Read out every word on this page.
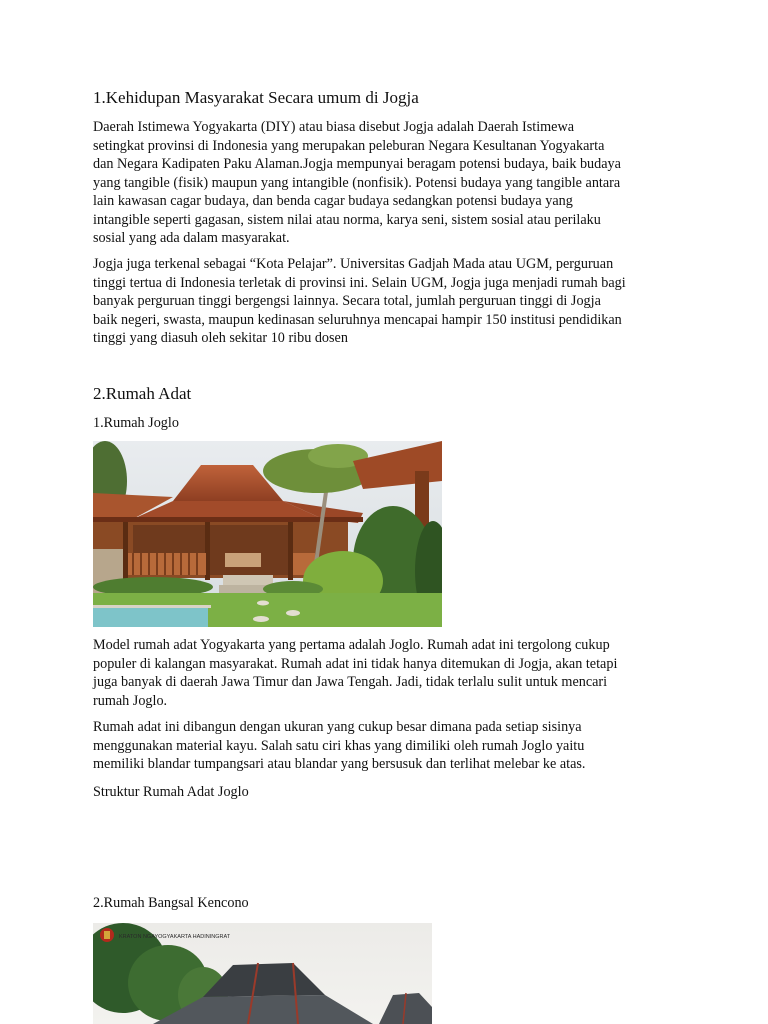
1.Kehidupan Masyarakat Secara umum di Jogja

Daerah Istimewa Yogyakarta (DIY) atau biasa disebut Jogja adalah Daerah Istimewa
setingkat provinsi di Indonesia yang merupakan peleburan Negara Kesultanan Yogyakarta
dan Negara Kadipaten Paku Alaman.Jogja mempunyai beragam potensi budaya, baik budaya
yang tangible (fisik) maupun yang intangible (nonfisik). Potensi budaya yang tangible antara
lain kawasan cagar budaya, dan benda cagar budaya sedangkan potensi budaya yang
intangible seperti gagasan, sistem nilai atau norma, karya seni, sistem sosial atau perilaku
sosial yang ada dalam masyarakat.

Jogja juga terkenal sebagai “Kota Pelajar”. Universitas Gadjah Mada atau UGM, perguruan
tinggi tertua di Indonesia terletak di provinsi ini. Selain UGM, Jogja juga menjadi rumah bagi
banyak perguruan tinggi bergengsi lainnya. Secara total, jumlah perguruan tinggi di Jogja
baik negeri, swasta, maupun kedinasan seluruhnya mencapai hampir 150 institusi pendidikan
tinggi yang diasuh oleh sekitar 10 ribu dosen

2.Rumah Adat

1.Rumah Joglo

Model rumah adat Yogyakarta yang pertama adalah Joglo. Rumah adat ini tergolong cukup
populer di kalangan masyarakat. Rumah adat ini tidak hanya ditemukan di Jogja, akan tetapi
juga banyak di daerah Jawa Timur dan Jawa Tengah. Jadi, tidak terlalu sulit untuk mencari
rumah Joglo.

Rumah adat ini dibangun dengan ukuran yang cukup besar dimana pada setiap sisinya
menggunakan material kayu. Salah satu ciri khas yang dimiliki oleh rumah Joglo yaitu
memiliki blandar tumpangsari atau blandar yang bersusuk dan terlihat melebar ke atas.

Struktur Rumah Adat Joglo

2.Rumah Bangsal Kencono

KRATON NGAYOGYAKARTA HADININGRAT
